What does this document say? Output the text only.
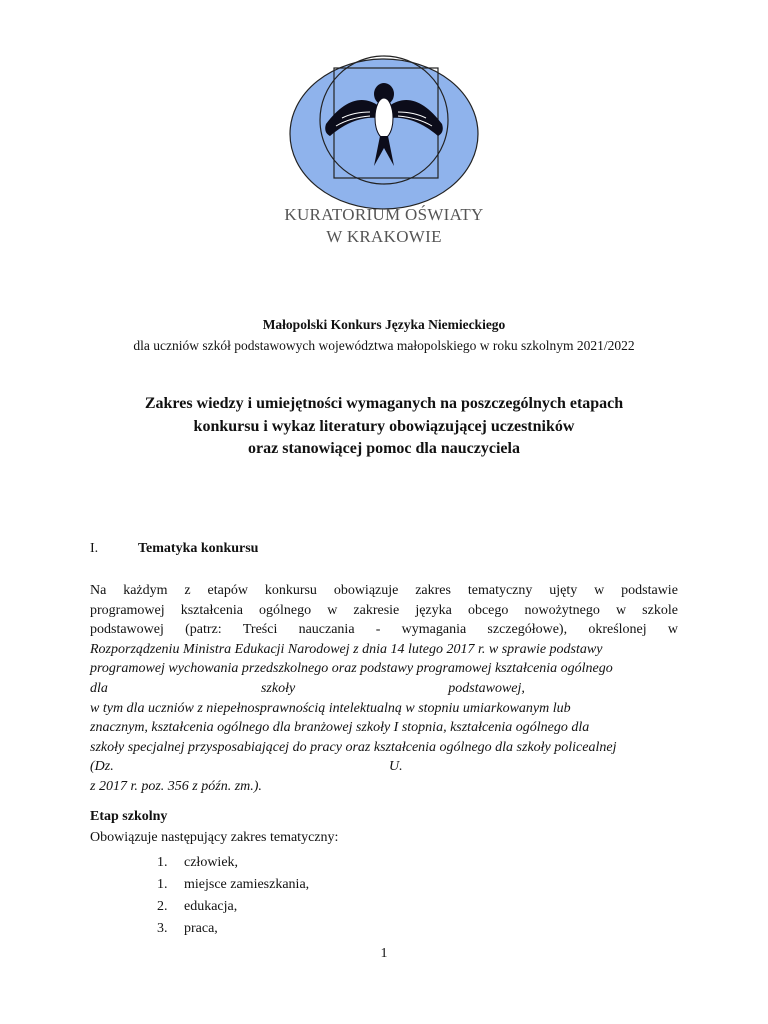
KURATORIUM OŚWIATY
W KRAKOWIE
Małopolski Konkurs Języka Niemieckiego
dla uczniów szkół podstawowych województwa małopolskiego w roku szkolnym 2021/2022
Zakres wiedzy i umiejętności wymaganych na poszczególnych etapach
konkursu i wykaz literatury obowiązującej uczestników
oraz stanowiącej pomoc dla nauczyciela
I.	Tematyka konkursu
Na każdym z etapów konkursu obowiązuje zakres tematyczny ujęty w podstawie
programowej kształcenia ogólnego w zakresie języka obcego nowożytnego w szkole
podstawowej (patrz: Treści nauczania - wymagania szczegółowe), określonej w
Rozporządzeniu Ministra Edukacji Narodowej z dnia 14 lutego 2017 r. w sprawie podstawy
programowej wychowania przedszkolnego oraz podstawy programowej kształcenia ogólnego
dla	szkoły	podstawowej,
w tym dla uczniów z niepełnosprawnością intelektualną w stopniu umiarkowanym lub
znacznym, kształcenia ogólnego dla branżowej szkoły I stopnia, kształcenia ogólnego dla
szkoły specjalnej przysposabiającej do pracy oraz kształcenia ogólnego dla szkoły policealnej
(Dz.	U.
z 2017 r. poz. 356 z późn. zm.).
Etap szkolny
Obowiązuje następujący zakres tematyczny:
1.	człowiek,
1.	miejsce zamieszkania,
2.	edukacja,
3.	praca,
1
